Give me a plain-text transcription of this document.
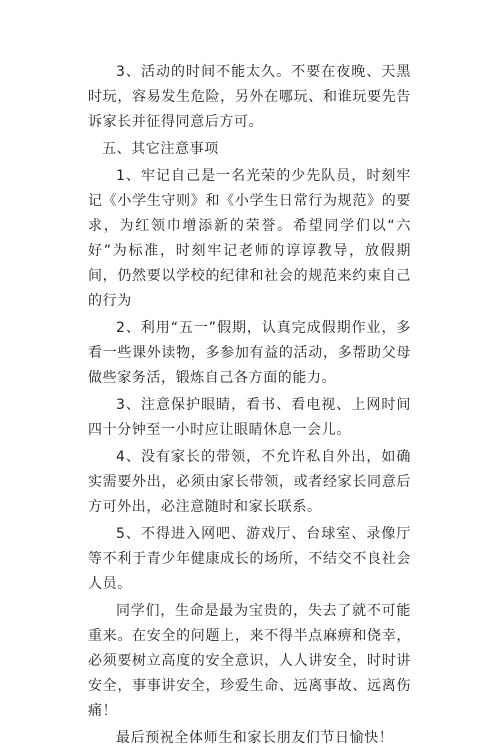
3、活动的时间不能太久。不要在夜晚、天黑时玩，容易发生危险，另外在哪玩、和谁玩要先告诉家长并征得同意后方可。

五、其它注意事项

1、牢记自己是一名光荣的少先队员，时刻牢记《小学生守则》和《小学生日常行为规范》的要求，为红领巾增添新的荣誉。希望同学们以“六好”为标准，时刻牢记老师的谆谆教导，放假期间，仍然要以学校的纪律和社会的规范来约束自己的行为

2、利用“五一”假期，认真完成假期作业，多看一些课外读物，多参加有益的活动，多帮助父母做些家务活，锻炼自己各方面的能力。

3、注意保护眼睛，看书、看电视、上网时间四十分钟至一小时应让眼睛休息一会儿。

4、没有家长的带领，不允许私自外出，如确实需要外出，必须由家长带领，或者经家长同意后方可外出，必注意随时和家长联系。

5、不得进入网吧、游戏厅、台球室、录像厅等不利于青少年健康成长的场所，不结交不良社会人员。

同学们，生命是最为宝贵的，失去了就不可能重来。在安全的问题上，来不得半点麻痹和侥幸，必须要树立高度的安全意识，人人讲安全，时时讲安全，事事讲安全，珍爱生命、远离事故、远离伤痛！

最后预祝全体师生和家长朋友们节日愉快！
